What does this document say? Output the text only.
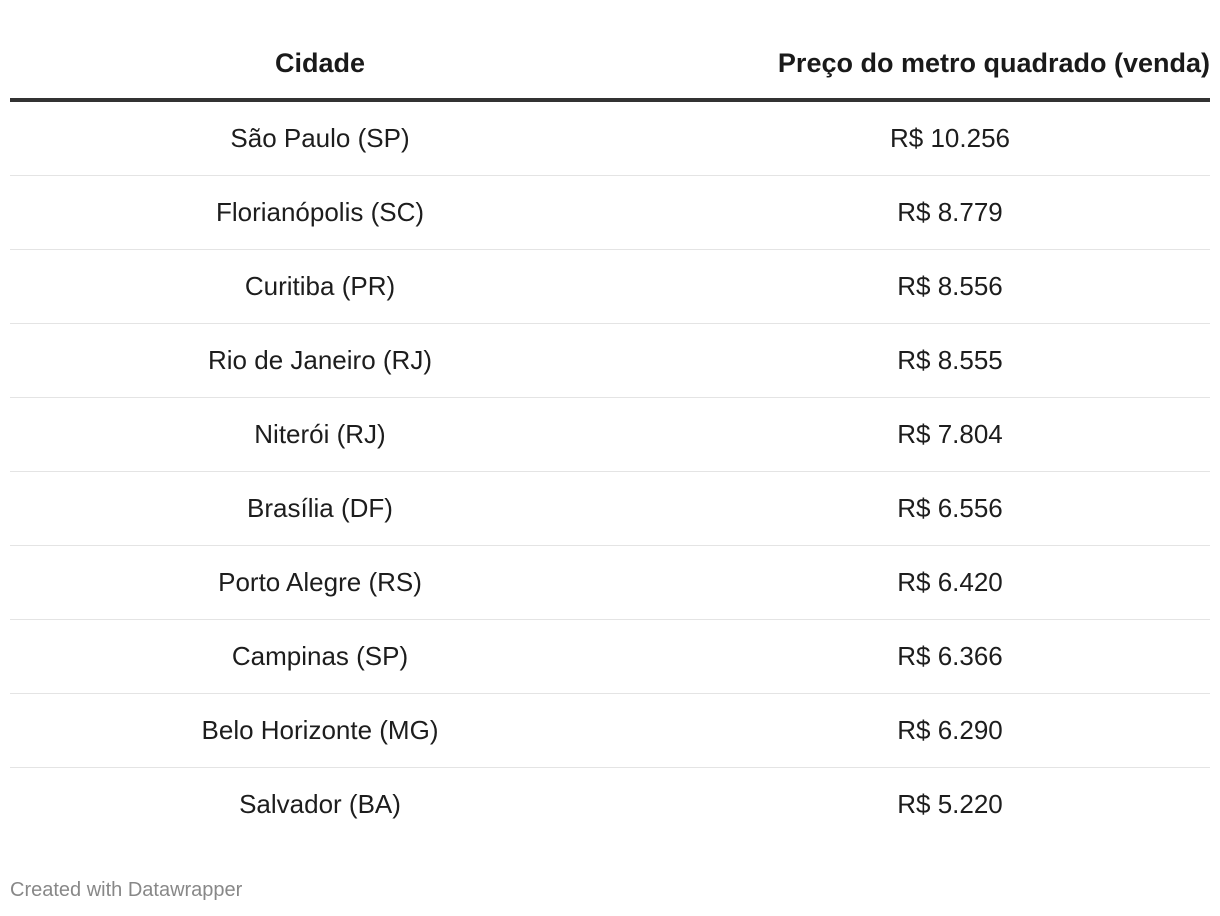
Cidade	Preço do metro quadrado (venda)
São Paulo (SP)	R$ 10.256
Florianópolis (SC)	R$ 8.779
Curitiba (PR)	R$ 8.556
Rio de Janeiro (RJ)	R$ 8.555
Niterói (RJ)	R$ 7.804
Brasília (DF)	R$ 6.556
Porto Alegre (RS)	R$ 6.420
Campinas (SP)	R$ 6.366
Belo Horizonte (MG)	R$ 6.290
Salvador (BA)	R$ 5.220
Created with Datawrapper
